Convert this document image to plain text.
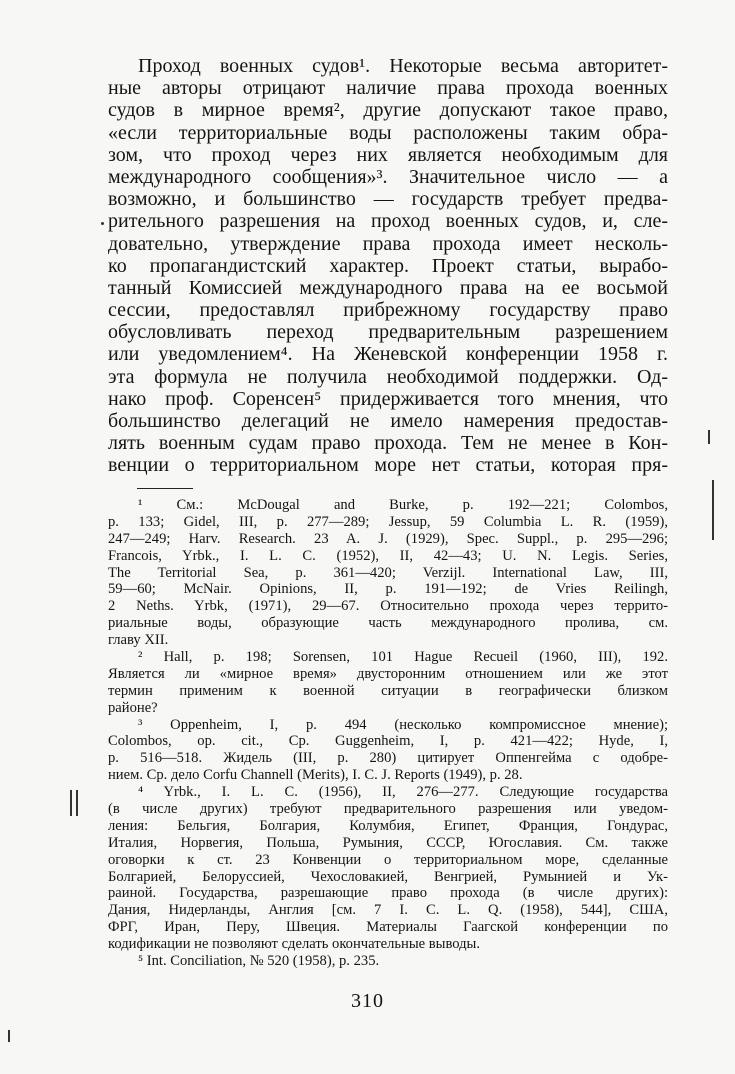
Проход военных судов¹. Некоторые весьма авторитет-
ные авторы отрицают наличие права прохода военных
судов в мирное время², другие допускают такое право,
«если территориальные воды расположены таким обра-
зом, что проход через них является необходимым для
международного сообщения»³. Значительное число — а
возможно, и большинство — государств требует предва-
рительного разрешения на проход военных судов, и, сле-
довательно, утверждение права прохода имеет несколь-
ко пропагандистский характер. Проект статьи, вырабо-
танный Комиссией международного права на ее восьмой
сессии, предоставлял прибрежному государству право
обусловливать переход предварительным разрешением
или уведомлением⁴. На Женевской конференции 1958 г.
эта формула не получила необходимой поддержки. Од-
нако проф. Соренсен⁵ придерживается того мнения, что
большинство делегаций не имело намерения предостав-
лять военным судам право прохода. Тем не менее в Кон-
венции о территориальном море нет статьи, которая пря-
¹ См.: McDougal and Burke, p. 192—221; Colombos,
p. 133; Gidel, III, p. 277—289; Jessup, 59 Columbia L. R. (1959),
247—249; Harv. Research. 23 A. J. (1929), Spec. Suppl., p. 295—296;
Francois, Yrbk., I. L. C. (1952), II, 42—43; U. N. Legis. Series,
The Territorial Sea, p. 361—420; Verzijl. International Law, III,
59—60; McNair. Opinions, II, p. 191—192; de Vries Reilingh,
2 Neths. Yrbk, (1971), 29—67. Относительно прохода через террито-
риальные воды, образующие часть международного пролива, см.
главу XII.
² Hall, p. 198; Sorensen, 101 Hague Recueil (1960, III), 192.
Является ли «мирное время» двусторонним отношением или же этот
термин применим к военной ситуации в географически близком
районе?
³ Oppenheim, I, p. 494 (несколько компромиссное мнение);
Colombos, op. cit., Cp. Guggenheim, I, p. 421—422; Hyde, I,
p. 516—518. Жидель (III, p. 280) цитирует Оппенгейма с одобре-
нием. Ср. дело Corfu Channell (Merits), I. C. J. Reports (1949), p. 28.
⁴ Yrbk., I. L. C. (1956), II, 276—277. Следующие государства
(в числе других) требуют предварительного разрешения или уведом-
ления: Бельгия, Болгария, Колумбия, Египет, Франция, Гондурас,
Италия, Норвегия, Польша, Румыния, СССР, Югославия. См. также
оговорки к ст. 23 Конвенции о территориальном море, сделанные
Болгарией, Белоруссией, Чехословакией, Венгрией, Румынией и Ук-
раиной. Государства, разрешающие право прохода (в числе других):
Дания, Нидерланды, Англия [см. 7 I. C. L. Q. (1958), 544], США,
ФРГ, Иран, Перу, Швеция. Материалы Гаагской конференции по
кодификации не позволяют сделать окончательные выводы.
⁵ Int. Conciliation, № 520 (1958), p. 235.
310
